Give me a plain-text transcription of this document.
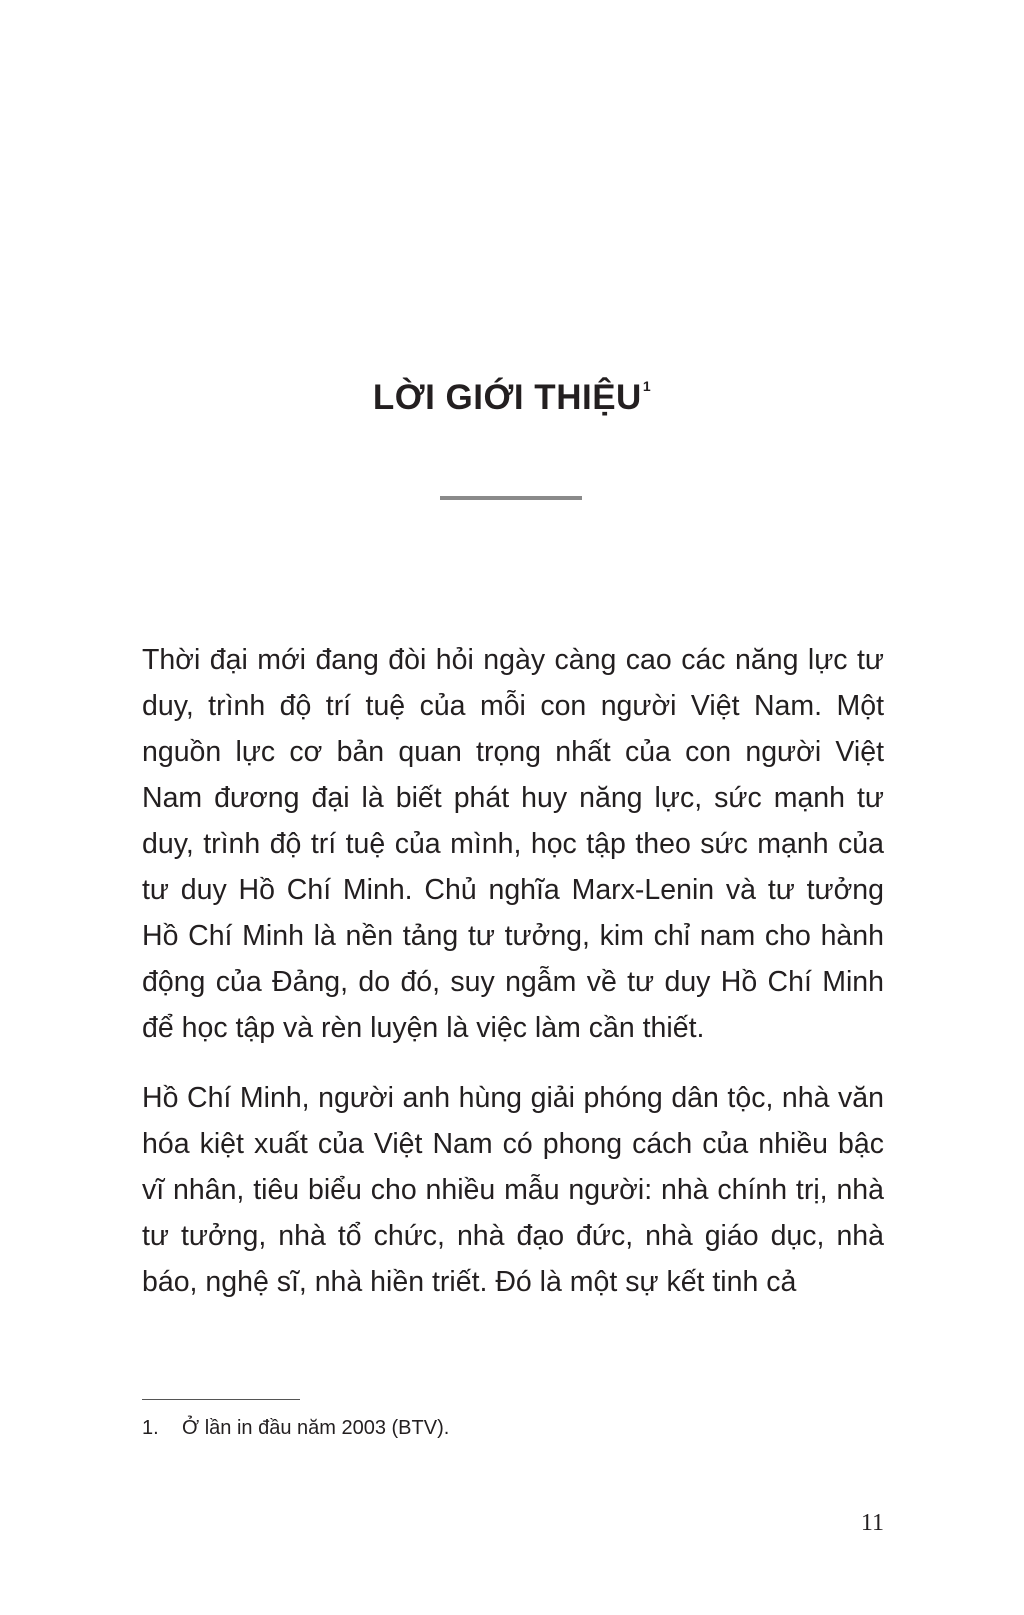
LỜI GIỚI THIỆU$^1$

Thời đại mới đang đòi hỏi ngày càng cao các năng lực tư duy, trình độ trí tuệ của mỗi con người Việt Nam. Một nguồn lực cơ bản quan trọng nhất của con người Việt Nam đương đại là biết phát huy năng lực, sức mạnh tư duy, trình độ trí tuệ của mình, học tập theo sức mạnh của tư duy Hồ Chí Minh. Chủ nghĩa Marx-Lenin và tư tưởng Hồ Chí Minh là nền tảng tư tưởng, kim chỉ nam cho hành động của Đảng, do đó, suy ngẫm về tư duy Hồ Chí Minh để học tập và rèn luyện là việc làm cần thiết.

Hồ Chí Minh, người anh hùng giải phóng dân tộc, nhà văn hóa kiệt xuất của Việt Nam có phong cách của nhiều bậc vĩ nhân, tiêu biểu cho nhiều mẫu người: nhà chính trị, nhà tư tưởng, nhà tổ chức, nhà đạo đức, nhà giáo dục, nhà báo, nghệ sĩ, nhà hiền triết. Đó là một sự kết tinh cả

1.	Ở lần in đầu năm 2003 (BTV).
11
